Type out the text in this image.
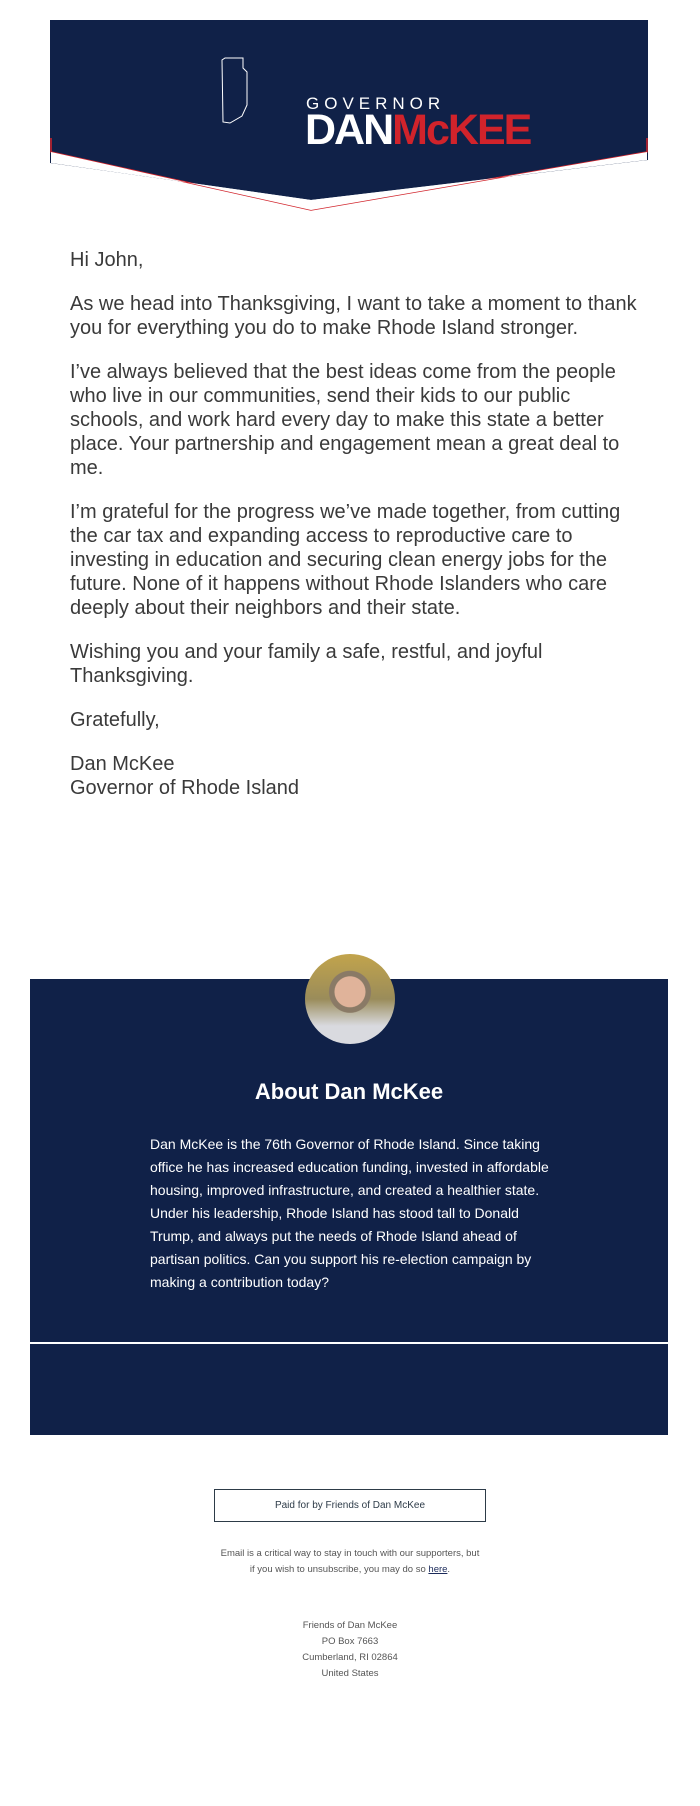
GOVERNOR
DANMcKEE

Hi John,

As we head into Thanksgiving, I want to take a moment to thank you for everything you do to make Rhode Island stronger.

I’ve always believed that the best ideas come from the people who live in our communities, send their kids to our public schools, and work hard every day to make this state a better place. Your partnership and engagement mean a great deal to me.

I’m grateful for the progress we’ve made together, from cutting the car tax and expanding access to reproductive care to investing in education and securing clean energy jobs for the future. None of it happens without Rhode Islanders who care deeply about their neighbors and their state.

Wishing you and your family a safe, restful, and joyful Thanksgiving.

Gratefully,

Dan McKee
Governor of Rhode Island

About Dan McKee
Dan McKee is the 76th Governor of Rhode Island. Since taking office he has increased education funding, invested in affordable housing, improved infrastructure, and created a healthier state. Under his leadership, Rhode Island has stood tall to Donald Trump, and always put the needs of Rhode Island ahead of partisan politics. Can you support his re-election campaign by making a contribution today?
Paid for by Friends of Dan McKee
Email is a critical way to stay in touch with our supporters, but if you wish to unsubscribe, you may do so here.
Friends of Dan McKee
PO Box 7663
Cumberland, RI 02864
United States
